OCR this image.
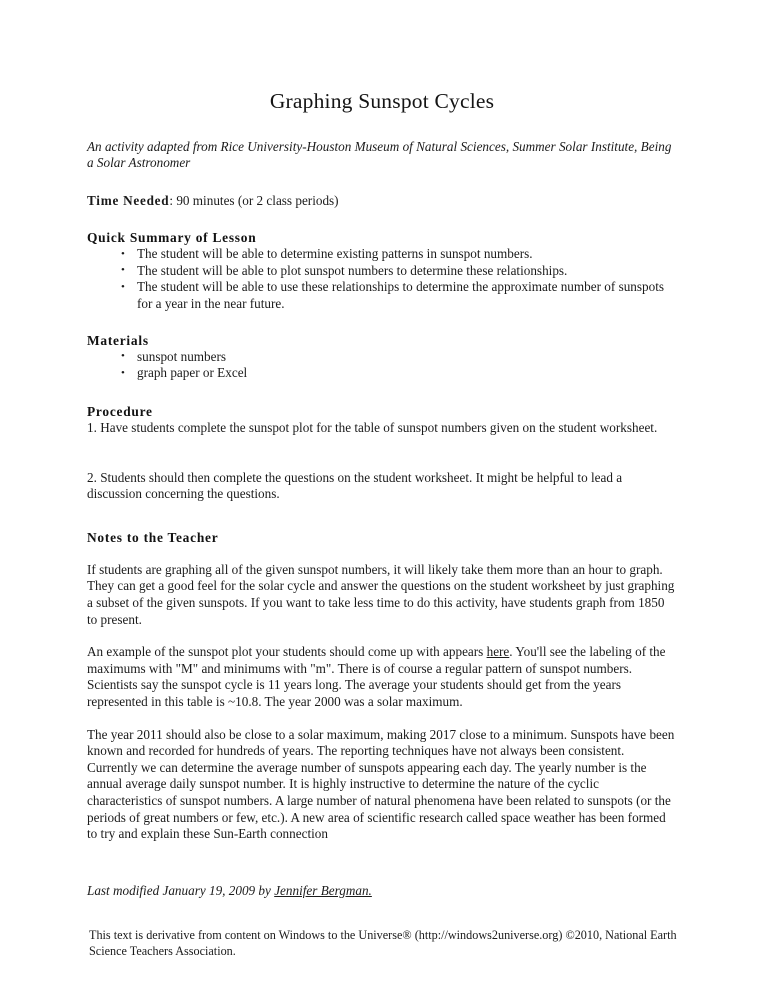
Graphing Sunspot Cycles

An activity adapted from Rice University-Houston Museum of Natural Sciences, Summer Solar Institute, Being a Solar Astronomer

Time Needed: 90 minutes (or 2 class periods)

Quick Summary of Lesson
• The student will be able to determine existing patterns in sunspot numbers.
• The student will be able to plot sunspot numbers to determine these relationships.
• The student will be able to use these relationships to determine the approximate number of sunspots for a year in the near future.
Materials
• sunspot numbers
• graph paper or Excel
Procedure

1. Have students complete the sunspot plot for the table of sunspot numbers given on the student worksheet.

2. Students should then complete the questions on the student worksheet. It might be helpful to lead a discussion concerning the questions.

Notes to the Teacher

If students are graphing all of the given sunspot numbers, it will likely take them more than an hour to graph. They can get a good feel for the solar cycle and answer the questions on the student worksheet by just graphing a subset of the given sunspots. If you want to take less time to do this activity, have students graph from 1850 to present.

An example of the sunspot plot your students should come up with appears here. You'll see the labeling of the maximums with "M" and minimums with "m". There is of course a regular pattern of sunspot numbers. Scientists say the sunspot cycle is 11 years long. The average your students should get from the years represented in this table is ~10.8. The year 2000 was a solar maximum.

The year 2011 should also be close to a solar maximum, making 2017 close to a minimum. Sunspots have been known and recorded for hundreds of years. The reporting techniques have not always been consistent. Currently we can determine the average number of sunspots appearing each day. The yearly number is the annual average daily sunspot number. It is highly instructive to determine the nature of the cyclic characteristics of sunspot numbers. A large number of natural phenomena have been related to sunspots (or the periods of great numbers or few, etc.). A new area of scientific research called space weather has been formed to try and explain these Sun-Earth connection

Last modified January 19, 2009 by Jennifer Bergman.

This text is derivative from content on Windows to the Universe® (http://windows2universe.org) ©2010, National Earth Science Teachers Association.
